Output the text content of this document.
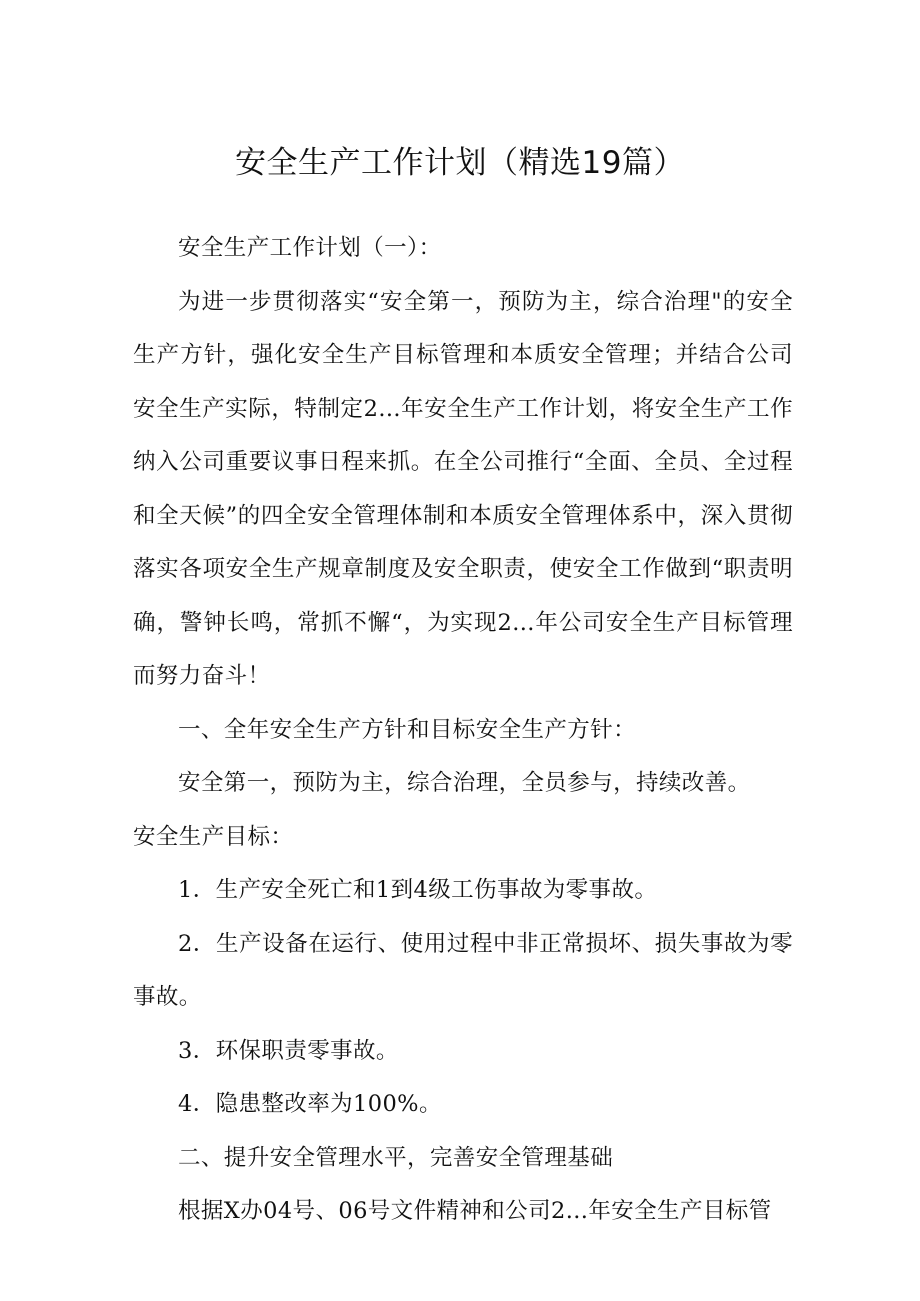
安全生产工作计划（精选19篇）

安全生产工作计划（一）：

为进一步贯彻落实“安全第一，预防为主，综合治理"的安全生产方针，强化安全生产目标管理和本质安全管理；并结合公司安全生产实际，特制定2...年安全生产工作计划，将安全生产工作纳入公司重要议事日程来抓。在全公司推行“全面、全员、全过程和全天候”的四全安全管理体制和本质安全管理体系中，深入贯彻落实各项安全生产规章制度及安全职责，使安全工作做到“职责明确，警钟长鸣，常抓不懈“，为实现2...年公司安全生产目标管理而努力奋斗！

一、全年安全生产方针和目标安全生产方针：

安全第一，预防为主，综合治理，全员参与，持续改善。

安全生产目标：

1．生产安全死亡和1到4级工伤事故为零事故。

2．生产设备在运行、使用过程中非正常损坏、损失事故为零事故。

3．环保职责零事故。

4．隐患整改率为100%。

二、提升安全管理水平，完善安全管理基础

根据X办04号、06号文件精神和公司2...年安全生产目标管
